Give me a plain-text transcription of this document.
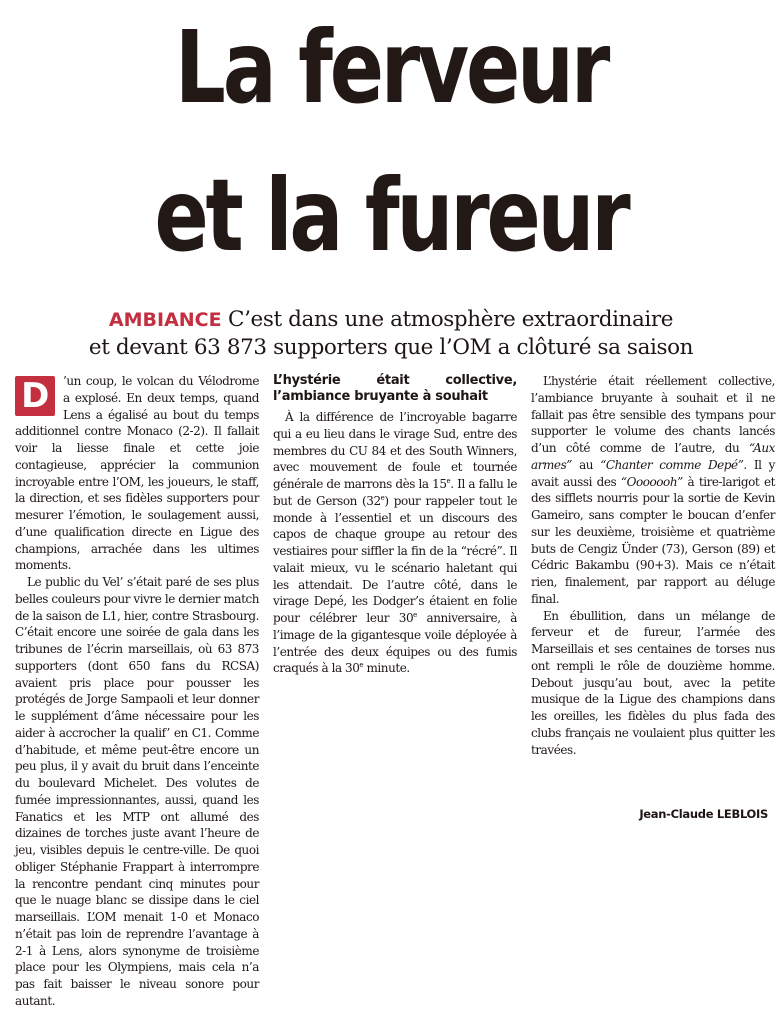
La ferveur
et la fureur
AMBIANCE C’est dans une atmosphère extraordinaire
et devant 63 873 supporters que l’OM a clôturé sa saison

D	’un coup, le volcan du Vélodrome a explosé. En deux temps, quand Lens a égalisé au bout du temps additionnel contre Monaco (2-2). Il fallait voir la liesse finale et cette joie contagieuse, apprécier la communion incroyable entre l’OM, les joueurs, le staff, la direction, et ses fidèles supporters pour mesurer l’émotion, le soulagement aussi, d’une qualification directe en Ligue des champions, arrachée dans les ultimes moments.

Le public du Vel’ s’était paré de ses plus belles couleurs pour vivre le dernier match de la saison de L1, hier, contre Strasbourg. C’était encore une soirée de gala dans les tribunes de l’écrin marseillais, où 63 873 supporters (dont 650 fans du RCSA) avaient pris place pour pousser les protégés de Jorge Sampaoli et leur donner le supplément d’âme nécessaire pour les aider à accrocher la qualif’ en C1. Comme d’habitude, et même peut-être encore un peu plus, il y avait du bruit dans l’enceinte du boulevard Michelet. Des volutes de fumée impressionnantes, aussi, quand les Fanatics et les MTP ont allumé des dizaines de torches juste avant l’heure de jeu, visibles depuis le centre-ville. De quoi obliger Stéphanie Frappart à interrompre la rencontre pendant cinq minutes pour que le nuage blanc se dissipe dans le ciel marseillais. L’OM menait 1-0 et Monaco n’était pas loin de reprendre l’avantage à 2-1 à Lens, alors synonyme de troisième place pour les Olympiens, mais cela n’a pas fait baisser le niveau sonore pour autant.

L’hystérie était collective, l’ambiance bruyante à souhait

À la différence de l’incroyable bagarre qui a eu lieu dans le virage Sud, entre des membres du CU 84 et des South Winners, avec mouvement de foule et tournée générale de marrons dès la 15e. Il a fallu le but de Gerson (32e) pour rappeler tout le monde à l’essentiel et un discours des capos de chaque groupe au retour des vestiaires pour siffler la fin de la “récré”. Il valait mieux, vu le scénario haletant qui les attendait. De l’autre côté, dans le virage Depé, les Dodger’s étaient en folie pour célébrer leur 30e anniversaire, à l’image de la gigantesque voile déployée à l’entrée des deux équipes ou des fumis craqués à la 30e minute.

L’hystérie était réellement collective, l’ambiance bruyante à souhait et il ne fallait pas être sensible des tympans pour supporter le volume des chants lancés d’un côté comme de l’autre, du “Aux armes” au “Chanter comme Depé”. Il y avait aussi des “Ooooooh” à tire-larigot et des sifflets nourris pour la sortie de Kevin Gameiro, sans compter le boucan d’enfer sur les deuxième, troisième et quatrième buts de Cengiz Ünder (73), Gerson (89) et Cédric Bakambu (90+3). Mais ce n’était rien, finalement, par rapport au déluge final.

En ébullition, dans un mélange de ferveur et de fureur, l’armée des Marseillais et ses centaines de torses nus ont rempli le rôle de douzième homme. Debout jusqu’au bout, avec la petite musique de la Ligue des champions dans les oreilles, les fidèles du plus fada des clubs français ne voulaient plus quitter les travées.

Jean-Claude LEBLOIS
